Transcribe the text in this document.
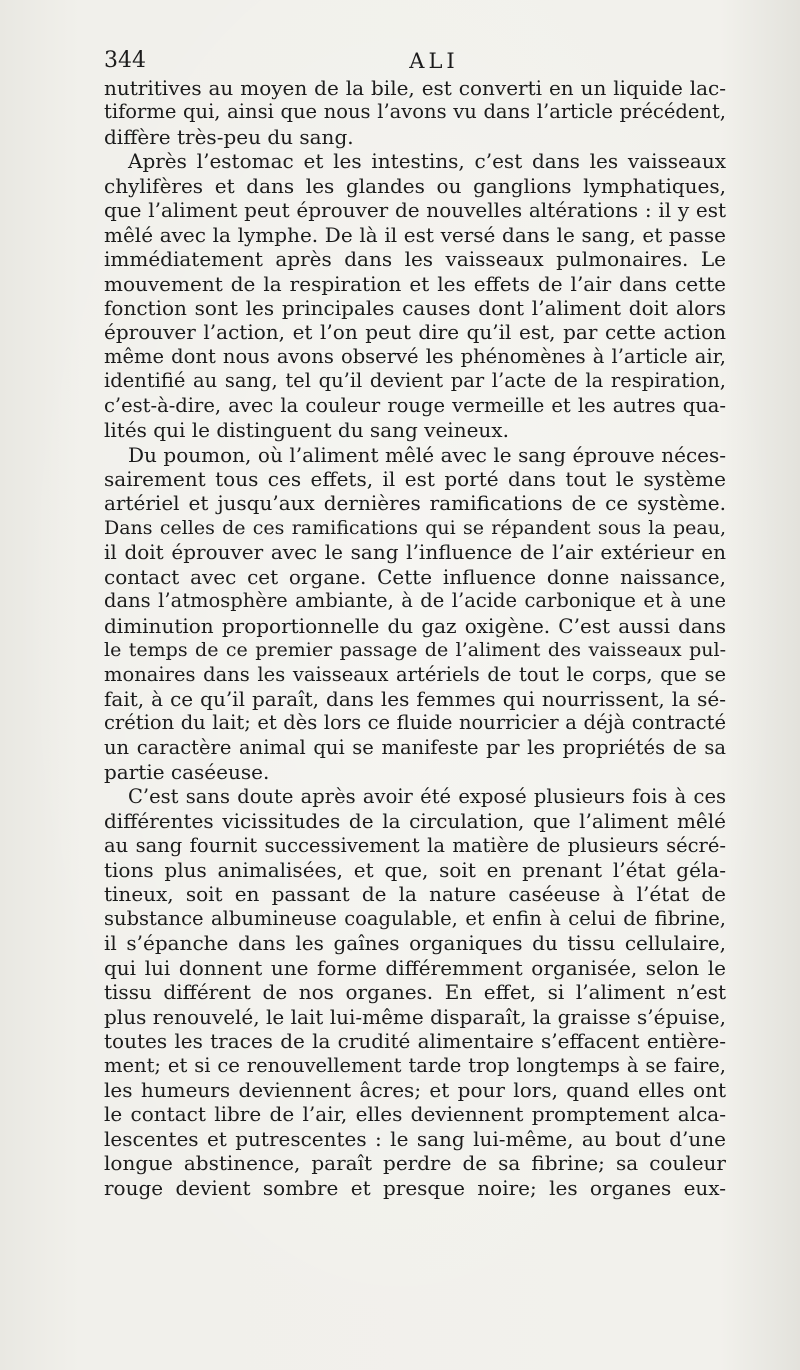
344	ALI
nutritives au moyen de la bile, est converti en un liquide lac-
tiforme qui, ainsi que nous l’avons vu dans l’article précédent,
diffère très-peu du sang.
Après l’estomac et les intestins, c’est dans les vaisseaux
chylifères et dans les glandes ou ganglions lymphatiques,
que l’aliment peut éprouver de nouvelles altérations : il y est
mêlé avec la lymphe. De là il est versé dans le sang, et passe
immédiatement après dans les vaisseaux pulmonaires. Le
mouvement de la respiration et les effets de l’air dans cette
fonction sont les principales causes dont l’aliment doit alors
éprouver l’action, et l’on peut dire qu’il est, par cette action
même dont nous avons observé les phénomènes à l’article air,
identifié au sang, tel qu’il devient par l’acte de la respiration,
c’est-à-dire, avec la couleur rouge vermeille et les autres qua-
lités qui le distinguent du sang veineux.
Du poumon, où l’aliment mêlé avec le sang éprouve néces-
sairement tous ces effets, il est porté dans tout le système
artériel et jusqu’aux dernières ramifications de ce système.
Dans celles de ces ramifications qui se répandent sous la peau,
il doit éprouver avec le sang l’influence de l’air extérieur en
contact avec cet organe. Cette influence donne naissance,
dans l’atmosphère ambiante, à de l’acide carbonique et à une
diminution proportionnelle du gaz oxigène. C’est aussi dans
le temps de ce premier passage de l’aliment des vaisseaux pul-
monaires dans les vaisseaux artériels de tout le corps, que se
fait, à ce qu’il paraît, dans les femmes qui nourrissent, la sé-
crétion du lait; et dès lors ce fluide nourricier a déjà contracté
un caractère animal qui se manifeste par les propriétés de sa
partie caséeuse.
C’est sans doute après avoir été exposé plusieurs fois à ces
différentes vicissitudes de la circulation, que l’aliment mêlé
au sang fournit successivement la matière de plusieurs sécré-
tions plus animalisées, et que, soit en prenant l’état géla-
tineux, soit en passant de la nature caséeuse à l’état de
substance albumineuse coagulable, et enfin à celui de fibrine,
il s’épanche dans les gaînes organiques du tissu cellulaire,
qui lui donnent une forme différemment organisée, selon le
tissu différent de nos organes. En effet, si l’aliment n’est
plus renouvelé, le lait lui-même disparaît, la graisse s’épuise,
toutes les traces de la crudité alimentaire s’effacent entière-
ment; et si ce renouvellement tarde trop longtemps à se faire,
les humeurs deviennent âcres; et pour lors, quand elles ont
le contact libre de l’air, elles deviennent promptement alca-
lescentes et putrescentes : le sang lui-même, au bout d’une
longue abstinence, paraît perdre de sa fibrine; sa couleur
rouge devient sombre et presque noire; les organes eux-
